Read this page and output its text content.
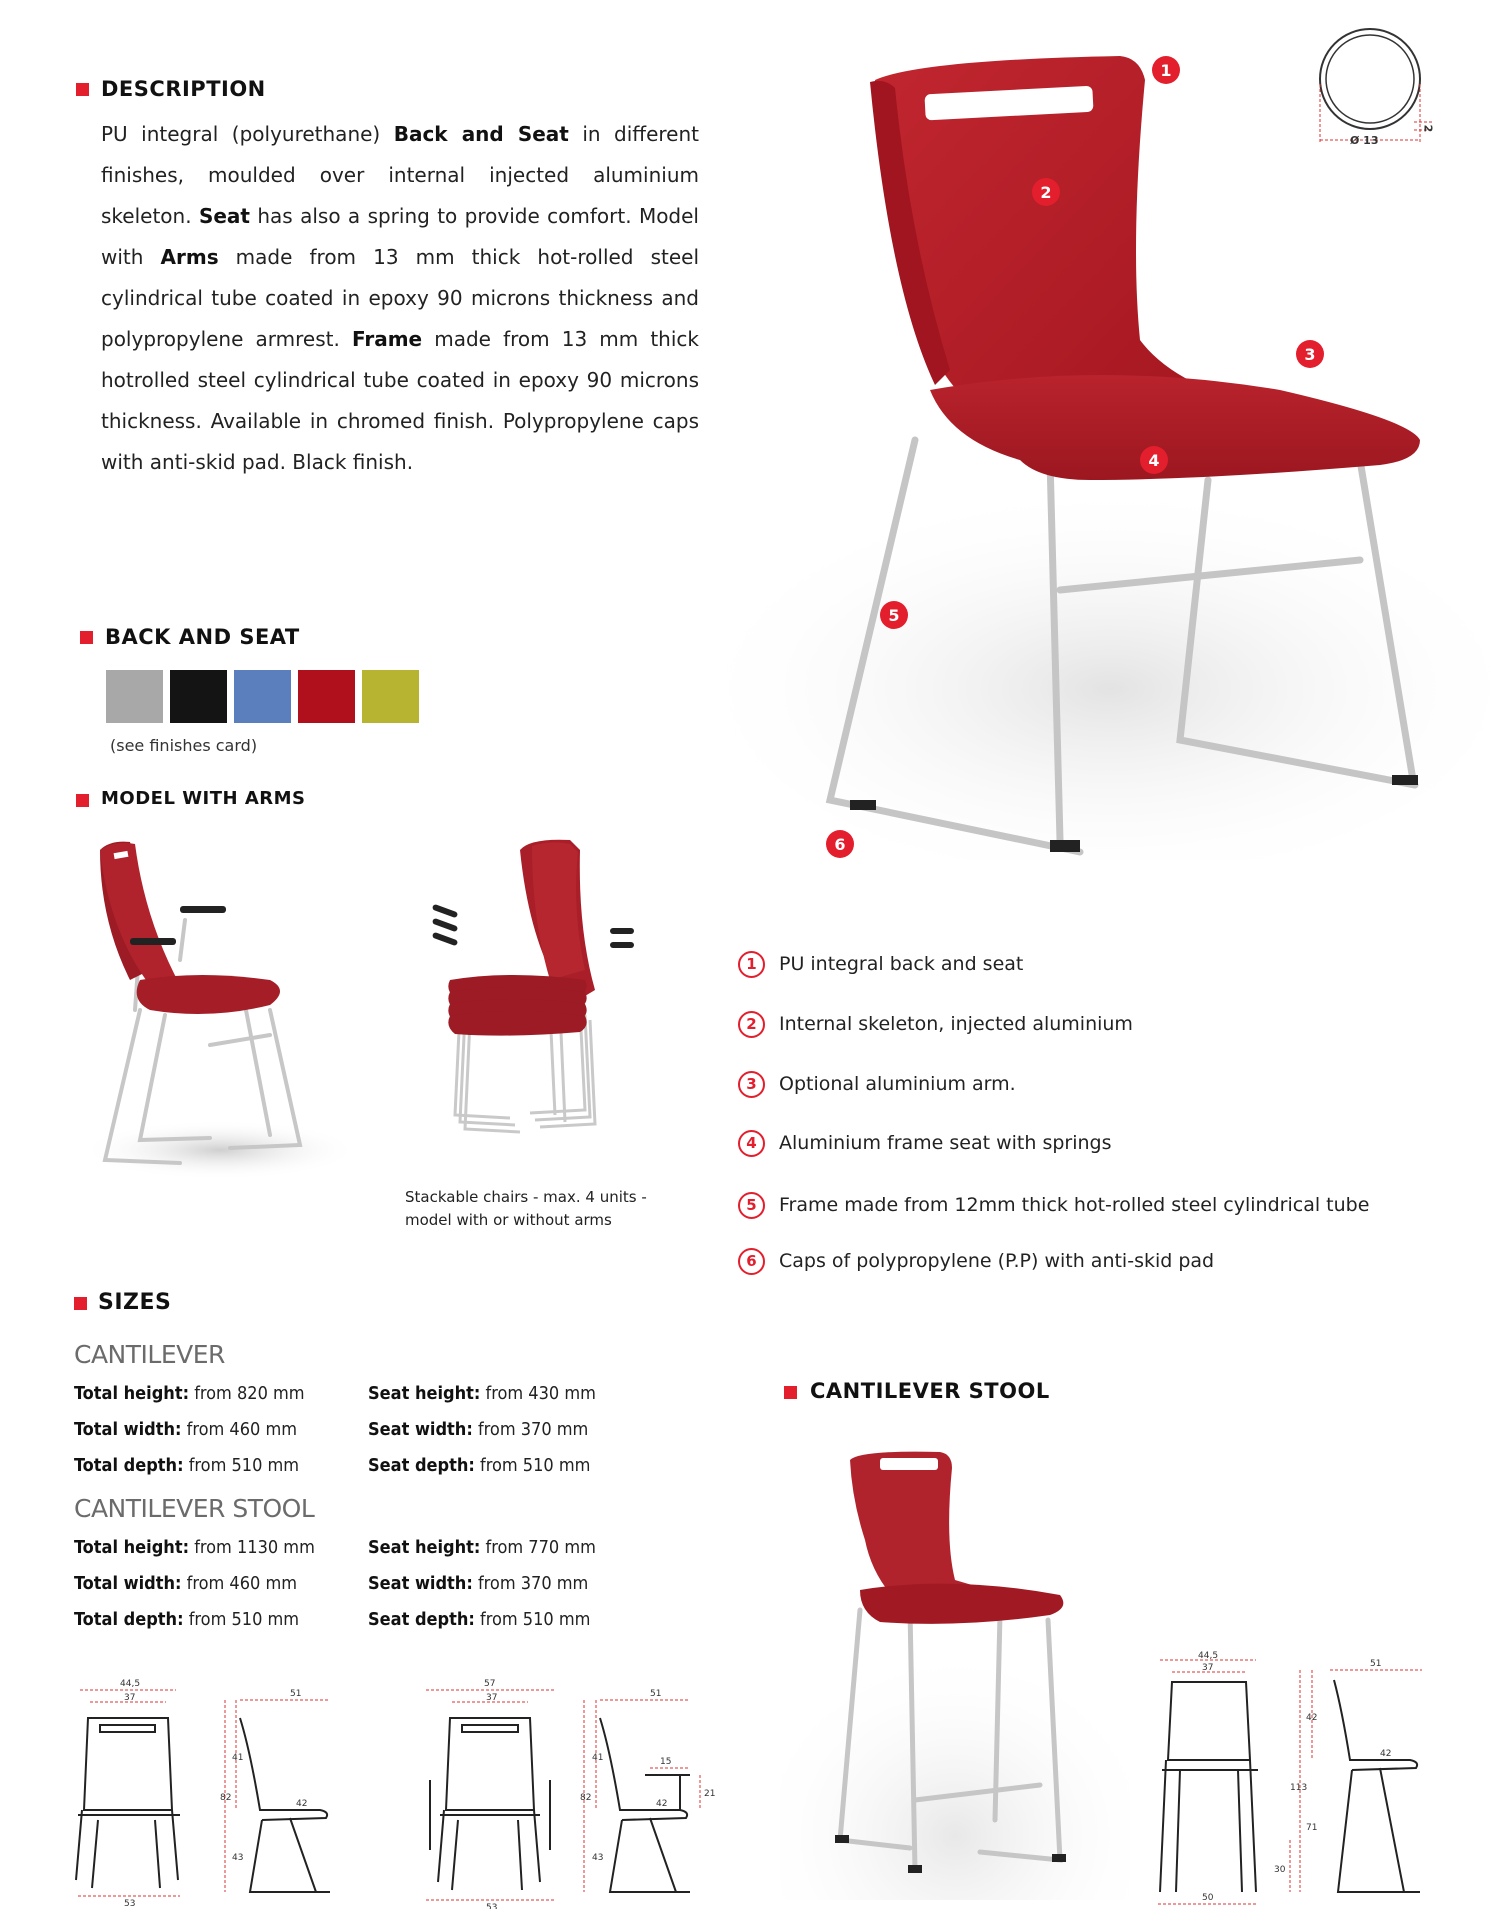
DESCRIPTION
PU integral (polyurethane) Back and Seat in different finishes, moulded over internal injected aluminium skeleton. Seat has also a spring to provide comfort. Model with Arms made from 13 mm thick hot-rolled steel cylindrical tube coated in epoxy 90 microns thickness and polypropylene armrest. Frame made from 13 mm thick hotrolled steel cylindrical tube coated in epoxy 90 microns thickness. Available in chromed finish. Polypropylene caps with anti-skid pad. Black finish.
BACK AND SEAT
(see finishes card)
MODEL WITH ARMS
Stackable chairs - max. 4 units - model with or without arms
1
2
3
4
5
6
Ø 13
2
1	PU integral back and seat
2	Internal skeleton, injected aluminium
3	Optional aluminium arm.
4	Aluminium frame seat with springs
5	Frame made from 12mm thick hot-rolled steel cylindrical tube
6	Caps of polypropylene (P.P) with anti-skid pad
SIZES
CANTILEVER
Total height: from 820 mm	Seat height: from 430 mm
Total width: from 460 mm	Seat width: from 370 mm
Total depth: from 510 mm	Seat depth: from 510 mm
CANTILEVER STOOL
Total height: from 1130 mm	Seat height: from 770 mm
Total width: from 460 mm	Seat width: from 370 mm
Total depth: from 510 mm	Seat depth: from 510 mm
CANTILEVER STOOL
44,5
37
53
51
41
82
42
43
57
37
53
51
15
41
82
42
21
43
44,5
37
50
51
42
113
42
71
30
